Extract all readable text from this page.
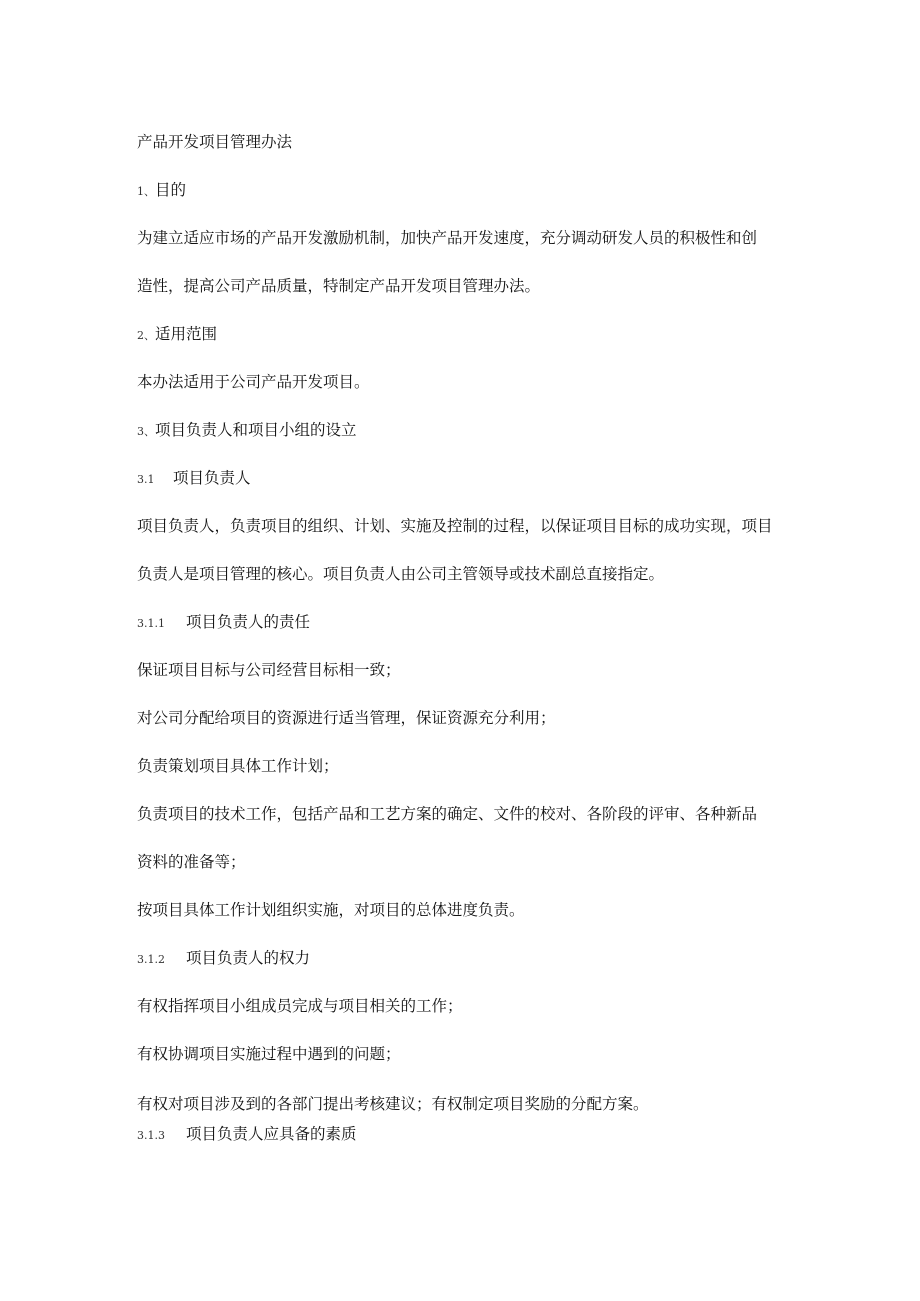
产品开发项目管理办法
1、目的
为建立适应市场的产品开发激励机制，加快产品开发速度，充分调动研发人员的积极性和创
造性，提高公司产品质量，特制定产品开发项目管理办法。
2、适用范围
本办法适用于公司产品开发项目。
3、项目负责人和项目小组的设立
3.1 项目负责人
项目负责人，负责项目的组织、计划、实施及控制的过程，以保证项目目标的成功实现，项目
负责人是项目管理的核心。项目负责人由公司主管领导或技术副总直接指定。
3.1.1 项目负责人的责任
保证项目目标与公司经营目标相一致；
对公司分配给项目的资源进行适当管理，保证资源充分利用；
负责策划项目具体工作计划；
负责项目的技术工作，包括产品和工艺方案的确定、文件的校对、各阶段的评审、各种新品
资料的准备等；
按项目具体工作计划组织实施，对项目的总体进度负责。
3.1.2 项目负责人的权力
有权指挥项目小组成员完成与项目相关的工作；
有权协调项目实施过程中遇到的问题；
有权对项目涉及到的各部门提出考核建议；有权制定项目奖励的分配方案。
3.1.3 项目负责人应具备的素质
